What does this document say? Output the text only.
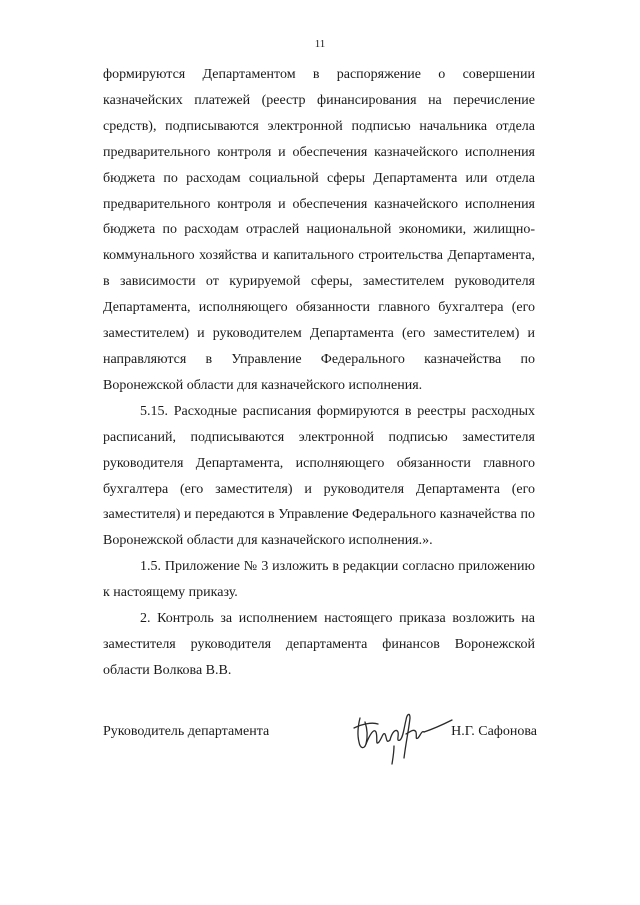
11

формируются Департаментом в распоряжение о совершении казначейских платежей (реестр финансирования на перечисление средств), подписываются электронной подписью начальника отдела предварительного контроля и обеспечения казначейского исполнения бюджета по расходам социальной сферы Департамента или отдела предварительного контроля и обеспечения казначейского исполнения бюджета по расходам отраслей национальной экономики, жилищно-коммунального хозяйства и капитального строительства Департамента, в зависимости от курируемой сферы, заместителем руководителя Департамента, исполняющего обязанности главного бухгалтера (его заместителем) и руководителем Департамента (его заместителем) и направляются в Управление Федерального казначейства по Воронежской области для казначейского исполнения.

5.15. Расходные расписания формируются в реестры расходных расписаний, подписываются электронной подписью заместителя руководителя Департамента, исполняющего обязанности главного бухгалтера (его заместителя) и руководителя Департамента (его заместителя) и передаются в Управление Федерального казначейства по Воронежской области для казначейского исполнения.».

1.5. Приложение № 3 изложить в редакции согласно приложению к настоящему приказу.

2. Контроль за исполнением настоящего приказа возложить на заместителя руководителя департамента финансов Воронежской области Волкова В.В.

Руководитель департамента	Н.Г. Сафонова
